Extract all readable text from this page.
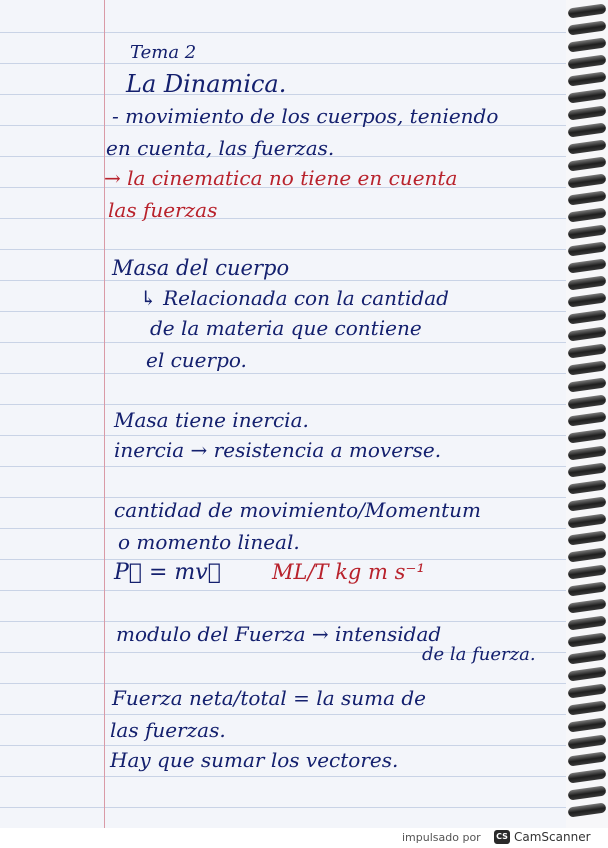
Tema 2
La Dinamica.
- movimiento de los cuerpos, teniendo
en cuenta, las fuerzas.
→ la cinematica no tiene en cuenta
las fuerzas
Masa del cuerpo
↳ Relacionada con la cantidad
de la materia que contiene
el cuerpo.
Masa tiene inercia.
inercia → resistencia a moverse.
cantidad de movimiento/Momentum
o momento lineal.
P⃗ = mv⃗ ML/T kg m s⁻¹
modulo del Fuerza → intensidad
de la fuerza.
Fuerza neta/total = la suma de
las fuerzas.
Hay que sumar los vectores.
impulsado por CS CamScanner
